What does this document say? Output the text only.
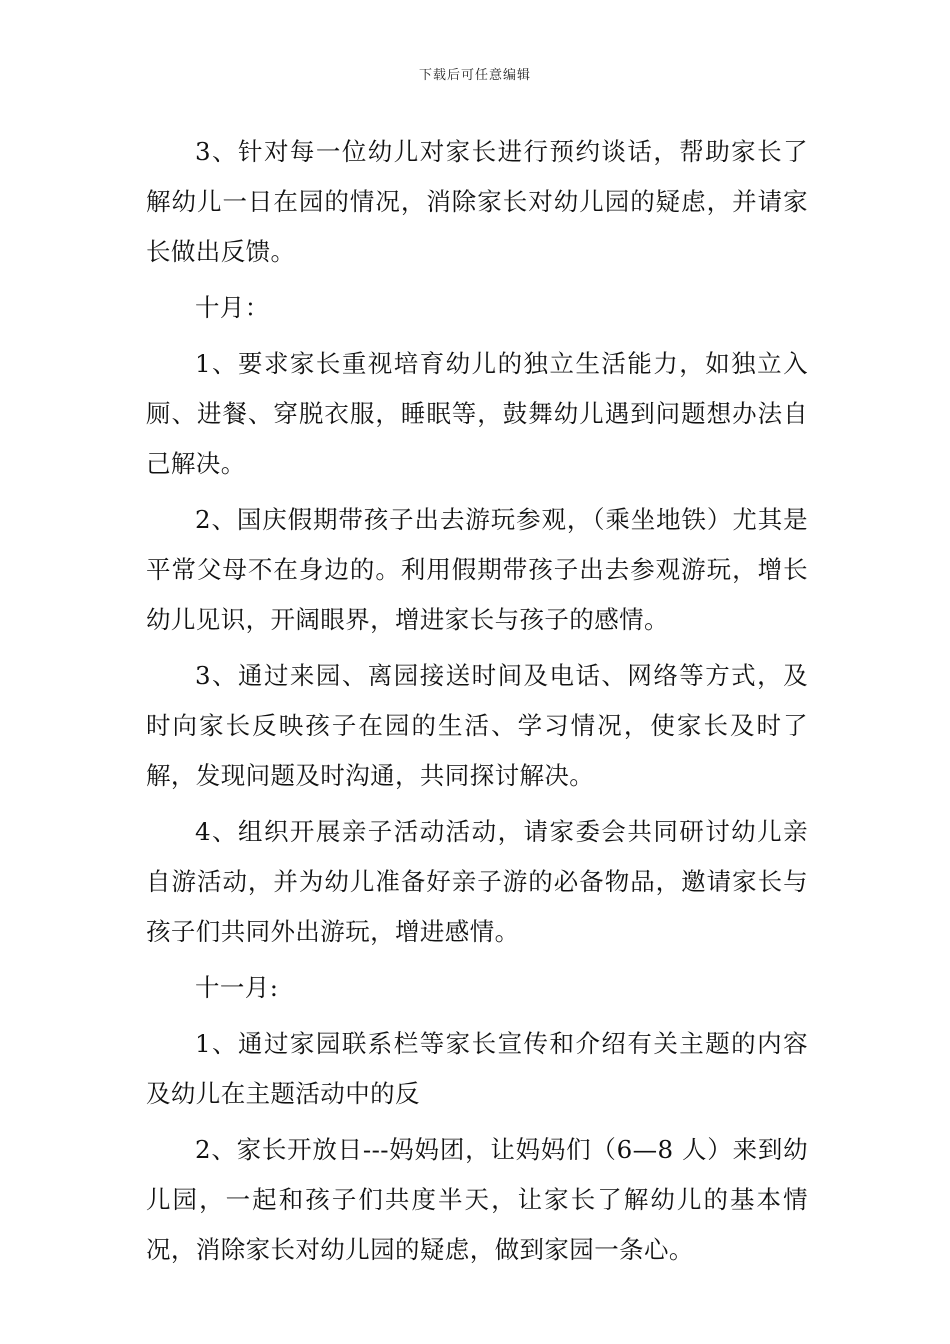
下载后可任意编辑

3、针对每一位幼儿对家长进行预约谈话，帮助家长了解幼儿一日在园的情况，消除家长对幼儿园的疑虑，并请家长做出反馈。

十月：

1、要求家长重视培育幼儿的独立生活能力，如独立入厕、进餐、穿脱衣服，睡眠等，鼓舞幼儿遇到问题想办法自己解决。

2、国庆假期带孩子出去游玩参观，（乘坐地铁）尤其是平常父母不在身边的。利用假期带孩子出去参观游玩，增长幼儿见识，开阔眼界，增进家长与孩子的感情。

3、通过来园、离园接送时间及电话、网络等方式，及时向家长反映孩子在园的生活、学习情况，使家长及时了解，发现问题及时沟通，共同探讨解决。

4、组织开展亲子活动活动，请家委会共同研讨幼儿亲自游活动，并为幼儿准备好亲子游的必备物品，邀请家长与孩子们共同外出游玩，增进感情。

十一月:

1、通过家园联系栏等家长宣传和介绍有关主题的内容及幼儿在主题活动中的反

2、家长开放日---妈妈团，让妈妈们（6—8 人）来到幼儿园，一起和孩子们共度半天，让家长了解幼儿的基本情况，消除家长对幼儿园的疑虑，做到家园一条心。
